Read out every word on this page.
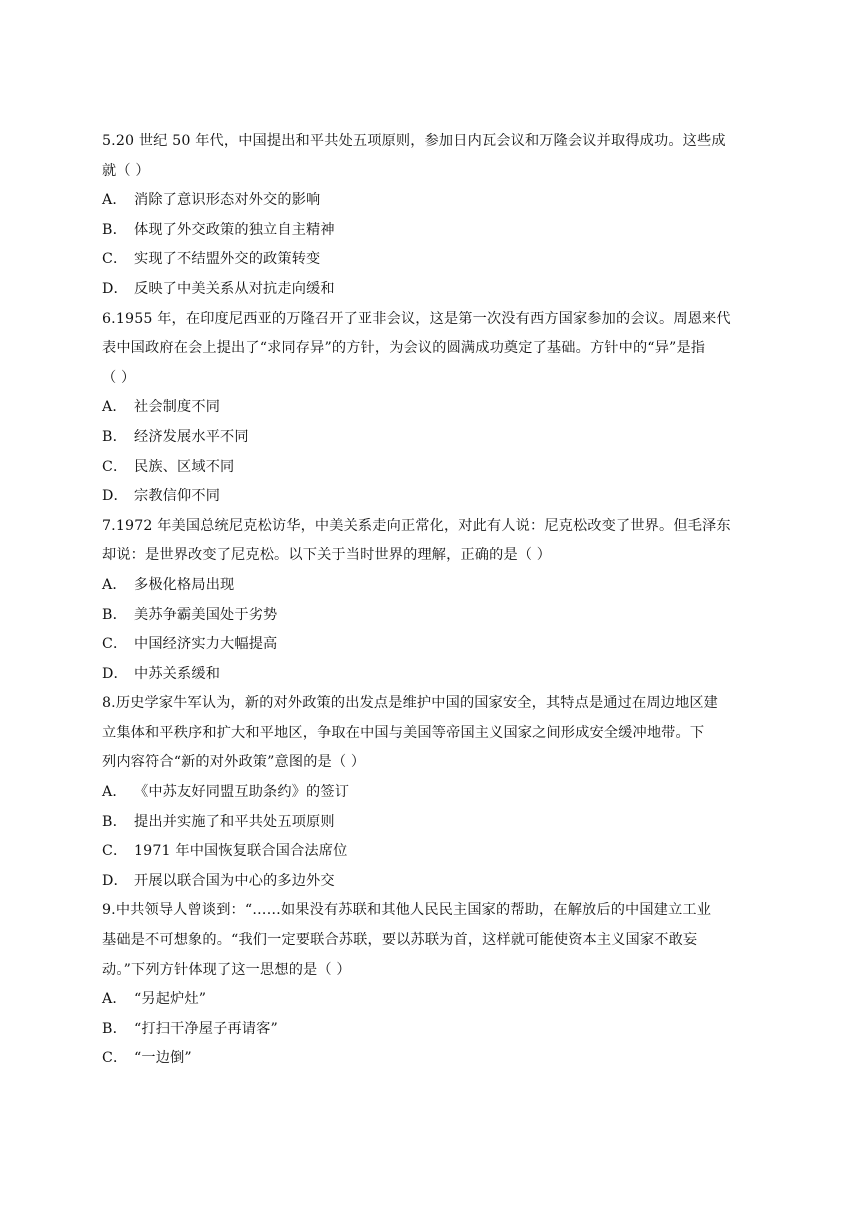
5.20 世纪 50 年代，中国提出和平共处五项原则，参加日内瓦会议和万隆会议并取得成功。这些成
就（ ）
A． 消除了意识形态对外交的影响
B． 体现了外交政策的独立自主精神
C． 实现了不结盟外交的政策转变
D． 反映了中美关系从对抗走向缓和
6.1955 年，在印度尼西亚的万隆召开了亚非会议，这是第一次没有西方国家参加的会议。周恩来代
表中国政府在会上提出了“求同存异”的方针，为会议的圆满成功奠定了基础。方针中的“异”是指
（ ）
A． 社会制度不同
B． 经济发展水平不同
C． 民族、区域不同
D． 宗教信仰不同
7.1972 年美国总统尼克松访华，中美关系走向正常化，对此有人说：尼克松改变了世界。但毛泽东
却说：是世界改变了尼克松。以下关于当时世界的理解，正确的是（ ）
A． 多极化格局出现
B． 美苏争霸美国处于劣势
C． 中国经济实力大幅提高
D． 中苏关系缓和
8.历史学家牛军认为，新的对外政策的出发点是维护中国的国家安全，其特点是通过在周边地区建
立集体和平秩序和扩大和平地区，争取在中国与美国等帝国主义国家之间形成安全缓冲地带。下
列内容符合“新的对外政策”意图的是（ ）
A． 《中苏友好同盟互助条约》的签订
B． 提出并实施了和平共处五项原则
C． 1971 年中国恢复联合国合法席位
D． 开展以联合国为中心的多边外交
9.中共领导人曾谈到：“……如果没有苏联和其他人民民主国家的帮助，在解放后的中国建立工业
基础是不可想象的。“我们一定要联合苏联，要以苏联为首，这样就可能使资本主义国家不敢妄
动。”下列方针体现了这一思想的是（ ）
A． “另起炉灶”
B． “打扫干净屋子再请客”
C． “一边倒”
